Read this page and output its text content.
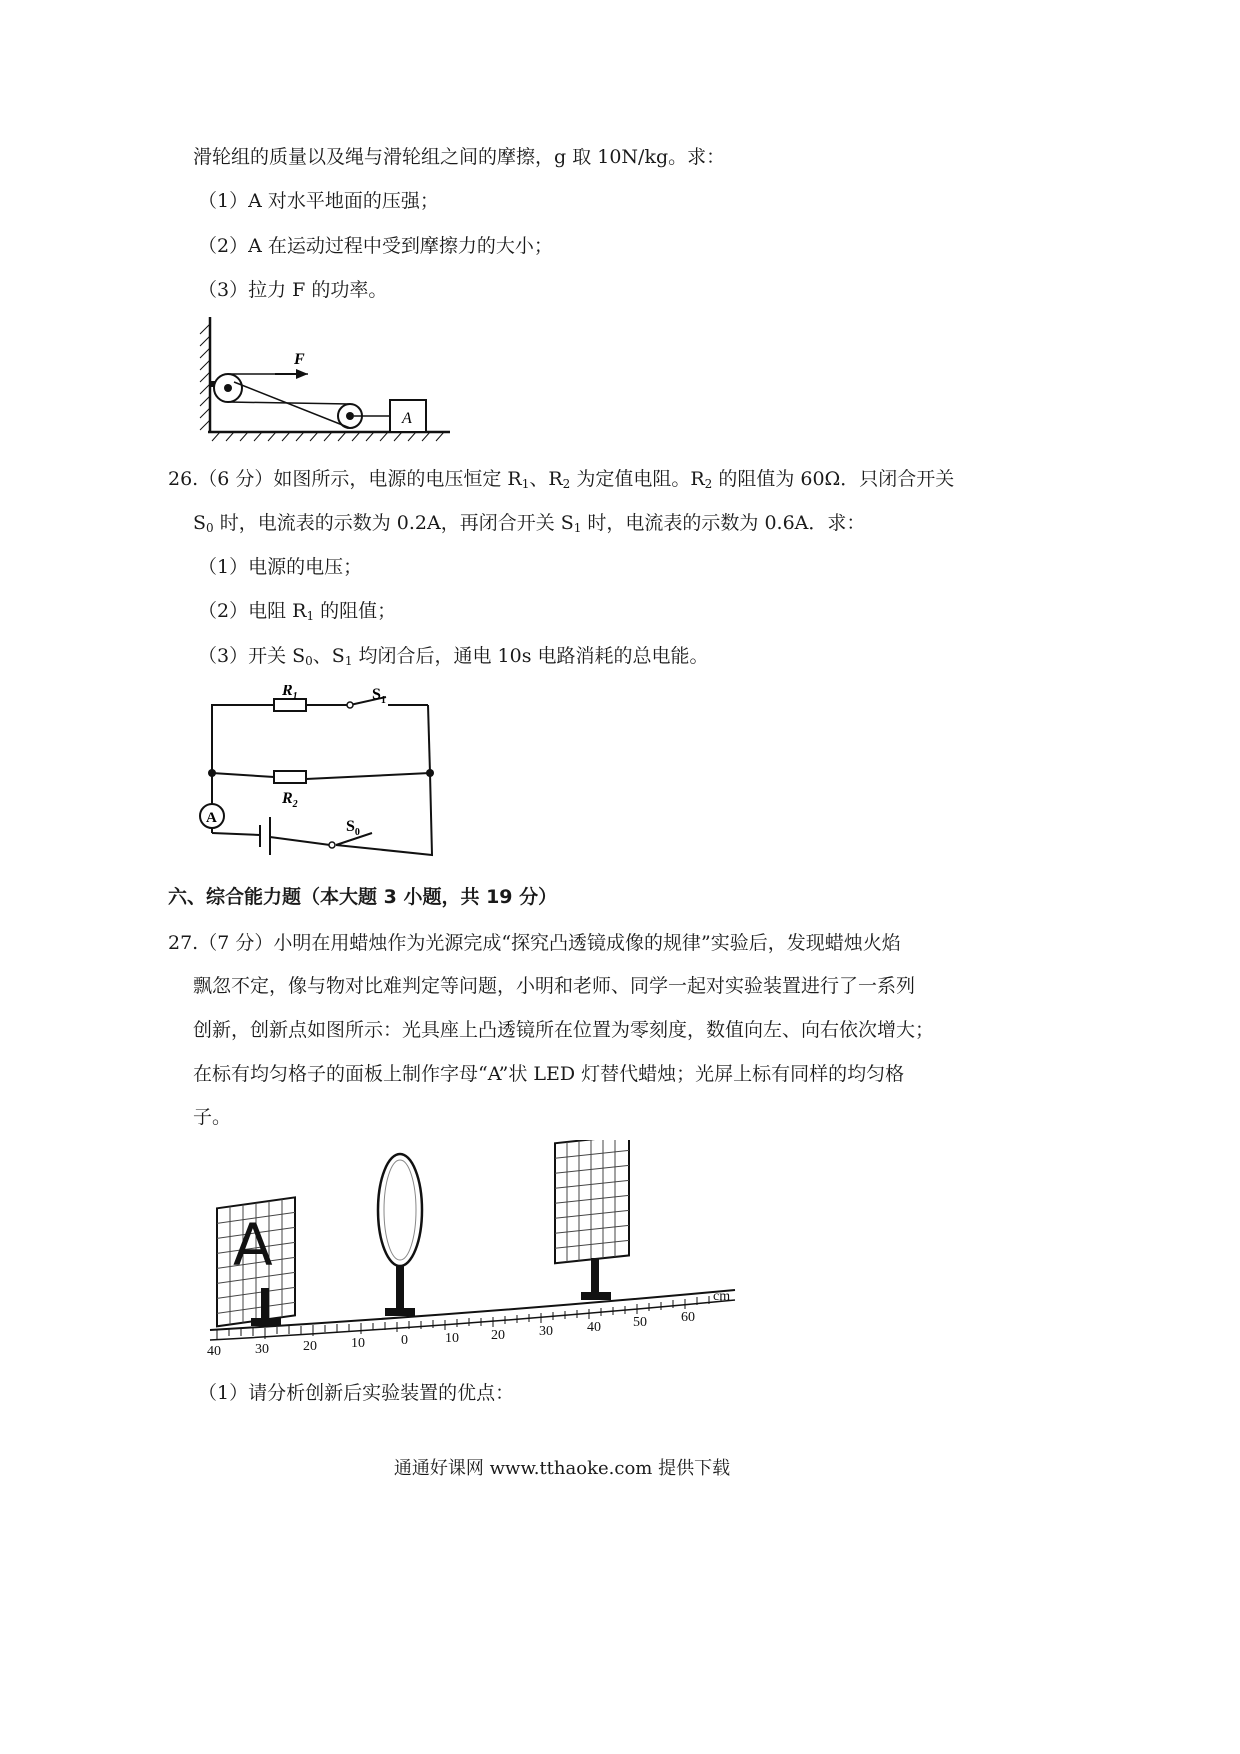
滑轮组的质量以及绳与滑轮组之间的摩擦，g 取 10N/kg。求：
（1）A 对水平地面的压强；
（2）A 在运动过程中受到摩擦力的大小；
（3）拉力 F 的功率。
F
A
26.（6 分）如图所示，电源的电压恒定 $R_1$、$R_2$ 为定值电阻。$R_2$ 的阻值为 60Ω．只闭合开关
$S_0$ 时，电流表的示数为 0.2A，再闭合开关 $S_1$ 时，电流表的示数为 0.6A．求：
（1）电源的电压；
（2）电阻 $R_1$ 的阻值；
（3）开关 $S_0$、$S_1$ 均闭合后，通电 10s 电路消耗的总电能。
A
$R_1$
$R_2$
$S_1$
$S_0$
六、综合能力题（本大题 3 小题，共 19 分）
27.（7 分）小明在用蜡烛作为光源完成“探究凸透镜成像的规律”实验后，发现蜡烛火焰
飘忽不定，像与物对比难判定等问题，小明和老师、同学一起对实验装置进行了一系列
创新，创新点如图所示：光具座上凸透镜所在位置为零刻度，数值向左、向右依次增大；
在标有均匀格子的面板上制作字母“A”状 LED 灯替代蜡烛；光屏上标有同样的均匀格
子。
A
40 30 20 10	0	10 20 30 40 50 60
cm
（1）请分析创新后实验装置的优点：
通通好课网 www.tthaoke.com 提供下载
